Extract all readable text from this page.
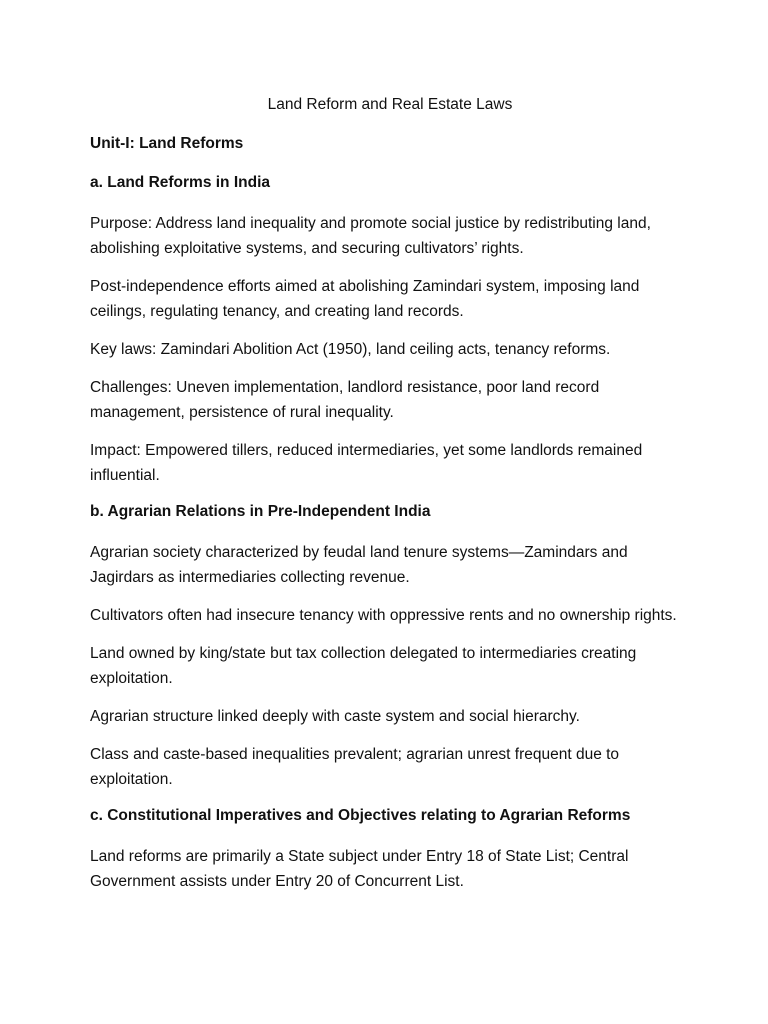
Land Reform and Real Estate Laws
Unit-I: Land Reforms
a. Land Reforms in India
Purpose: Address land inequality and promote social justice by redistributing land, abolishing exploitative systems, and securing cultivators’ rights.
Post-independence efforts aimed at abolishing Zamindari system, imposing land ceilings, regulating tenancy, and creating land records.
Key laws: Zamindari Abolition Act (1950), land ceiling acts, tenancy reforms.
Challenges: Uneven implementation, landlord resistance, poor land record management, persistence of rural inequality.
Impact: Empowered tillers, reduced intermediaries, yet some landlords remained influential.
b. Agrarian Relations in Pre-Independent India
Agrarian society characterized by feudal land tenure systems—Zamindars and Jagirdars as intermediaries collecting revenue.
Cultivators often had insecure tenancy with oppressive rents and no ownership rights.
Land owned by king/state but tax collection delegated to intermediaries creating exploitation.
Agrarian structure linked deeply with caste system and social hierarchy.
Class and caste-based inequalities prevalent; agrarian unrest frequent due to exploitation.
c. Constitutional Imperatives and Objectives relating to Agrarian Reforms
Land reforms are primarily a State subject under Entry 18 of State List; Central Government assists under Entry 20 of Concurrent List.
